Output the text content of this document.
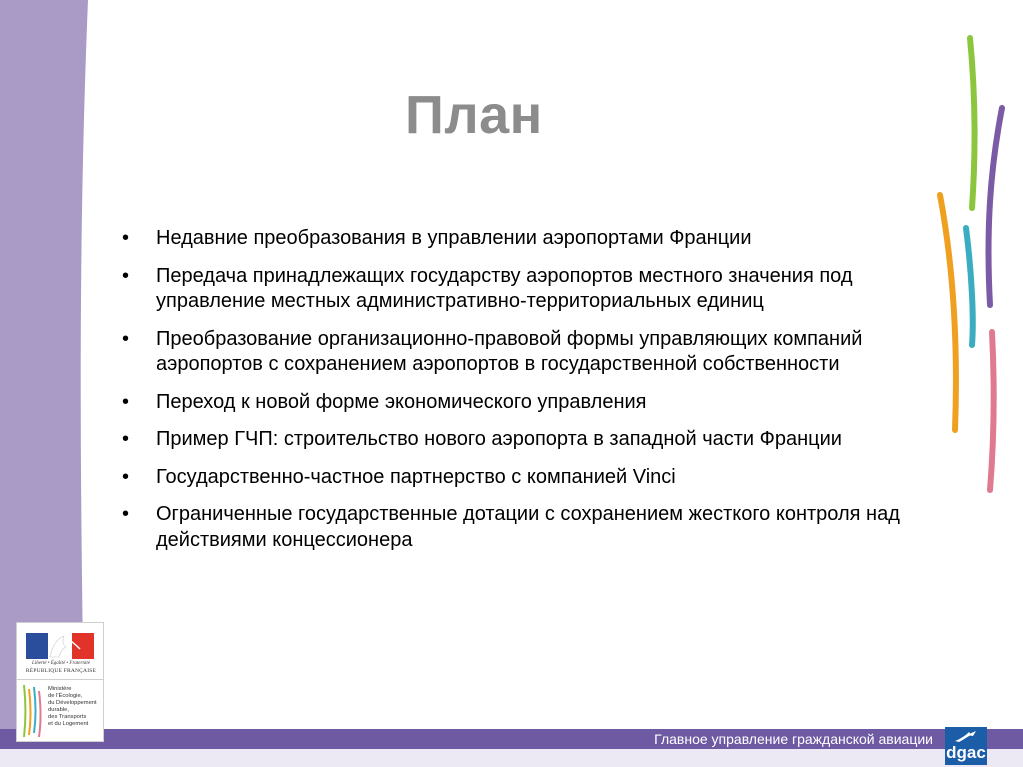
План
• Недавние преобразования в управлении аэропортами Франции
• Передача принадлежащих государству аэропортов местного значения под управление местных административно-территориальных единиц
• Преобразование организационно-правовой формы управляющих компаний аэропортов с сохранением аэропортов в государственной собственности
• Переход к новой форме экономического управления
• Пример ГЧП: строительство нового аэропорта в западной части Франции
• Государственно-частное партнерство с компанией Vinci
• Ограниченные государственные дотации с сохранением жесткого контроля над действиями концессионера
Liberté • Égalité • Fraternité
RÉPUBLIQUE FRANÇAISE
Ministère
de l'Écologie,
du Développement
durable,
des Transports
et du Logement
Главное управление гражданской авиации
dgac
